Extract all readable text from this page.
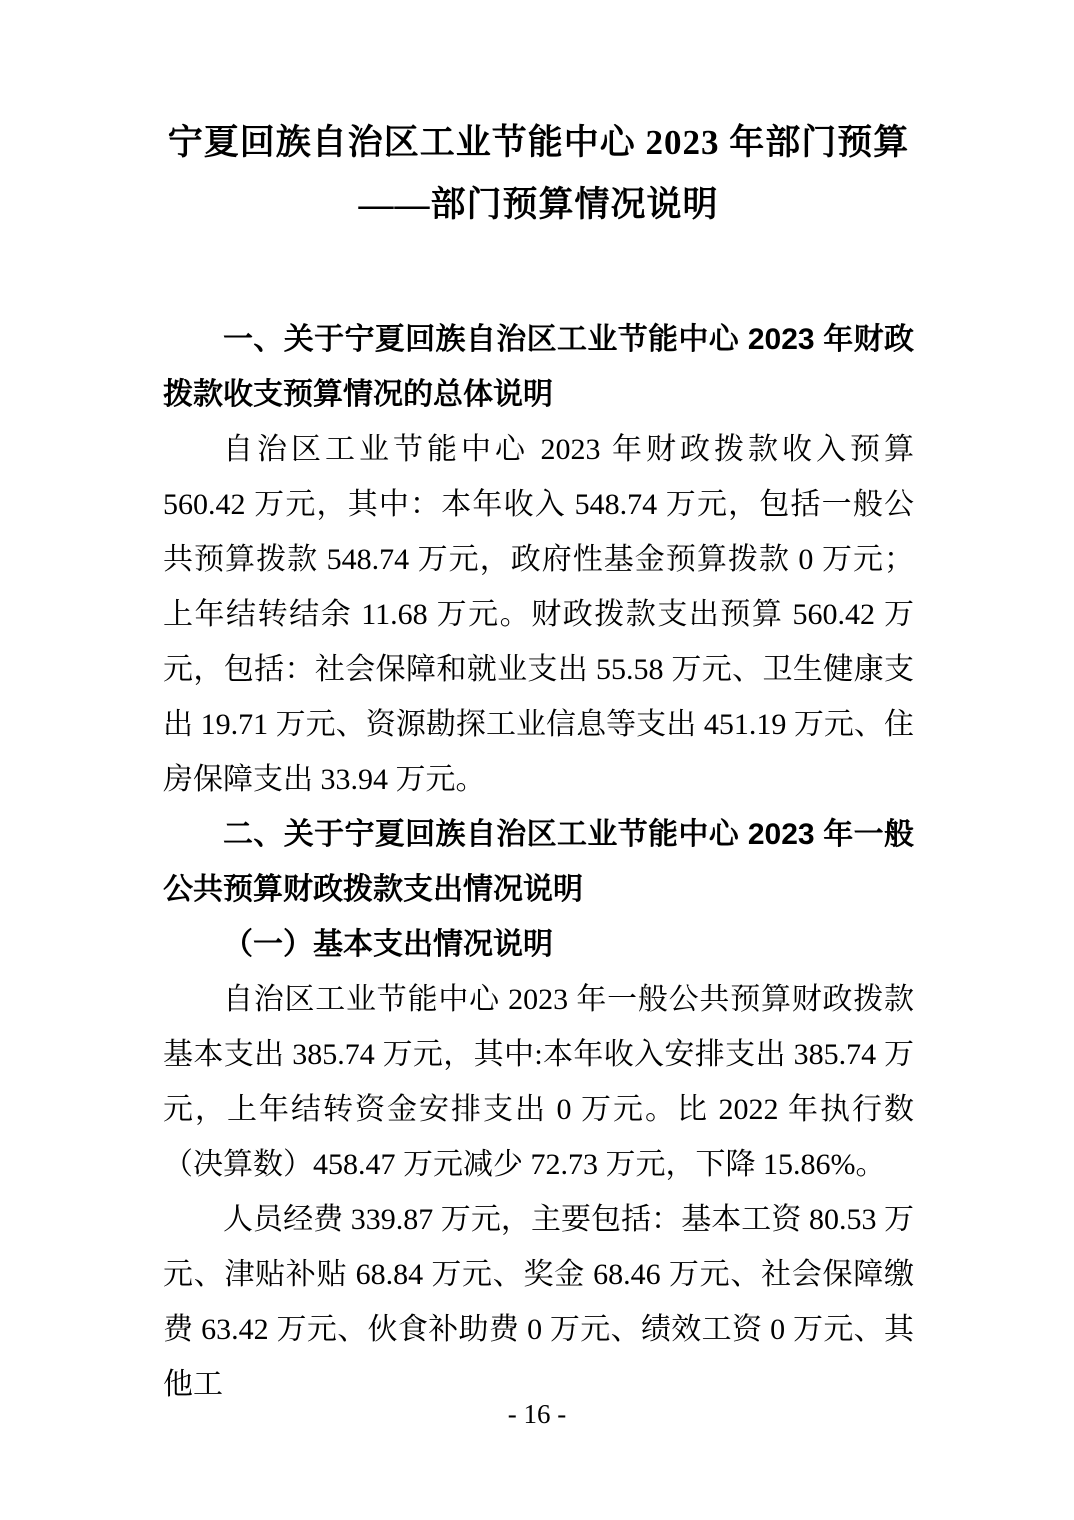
宁夏回族自治区工业节能中心 2023 年部门预算
——部门预算情况说明

一、关于宁夏回族自治区工业节能中心 2023 年财政拨款收支预算情况的总体说明

自治区工业节能中心 2023 年财政拨款收入预算 560.42 万元，其中：本年收入 548.74 万元，包括一般公共预算拨款 548.74 万元，政府性基金预算拨款 0 万元；上年结转结余 11.68 万元。财政拨款支出预算 560.42 万元，包括：社会保障和就业支出 55.58 万元、卫生健康支出 19.71 万元、资源勘探工业信息等支出 451.19 万元、住房保障支出 33.94 万元。

二、关于宁夏回族自治区工业节能中心 2023 年一般公共预算财政拨款支出情况说明

（一）基本支出情况说明

自治区工业节能中心 2023 年一般公共预算财政拨款基本支出 385.74 万元，其中:本年收入安排支出 385.74 万元，上年结转资金安排支出 0 万元。比 2022 年执行数（决算数）458.47 万元减少 72.73 万元，下降 15.86%。

人员经费 339.87 万元，主要包括：基本工资 80.53 万元、津贴补贴 68.84 万元、奖金 68.46 万元、社会保障缴费 63.42 万元、伙食补助费 0 万元、绩效工资 0 万元、其他工

- 16 -
